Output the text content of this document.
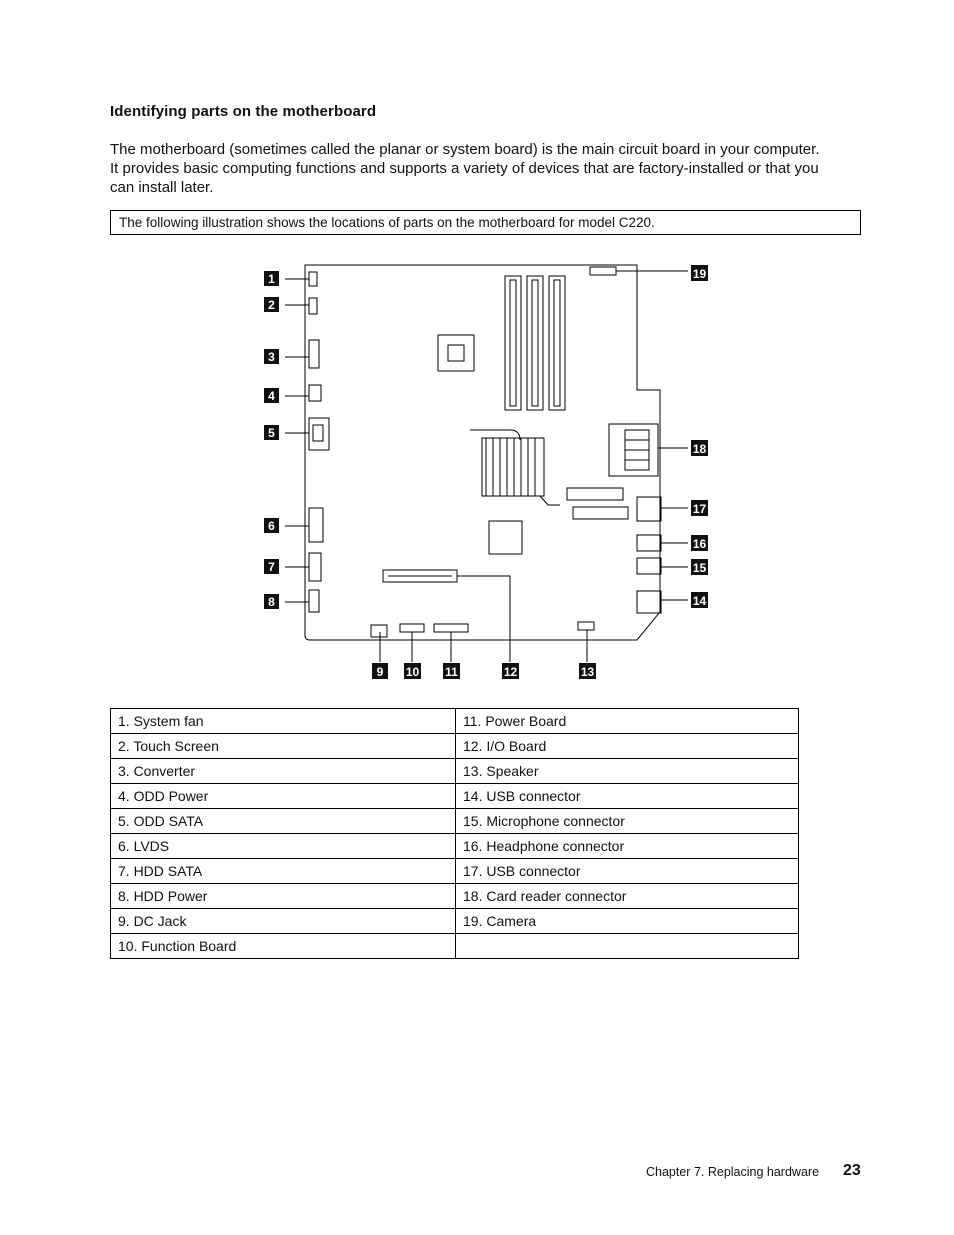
Identifying parts on the motherboard
The motherboard (sometimes called the planar or system board) is the main circuit board in your computer.
It provides basic computing functions and supports a variety of devices that are factory-installed or that you
can install later.
The following illustration shows the locations of parts on the motherboard for model C220.
1
2
3
4
5
6
7
8
9 10 11	12	13
14
15
16
17
18
19
1. System fan	11. Power Board
2. Touch Screen	12. I/O Board
3. Converter	13. Speaker
4. ODD Power	14. USB connector
5. ODD SATA	15. Microphone connector
6. LVDS	16. Headphone connector
7. HDD SATA	17. USB connector
8. HDD Power	18. Card reader connector
9. DC Jack	19. Camera
10. Function Board	
Chapter 7. Replacing hardware 23
